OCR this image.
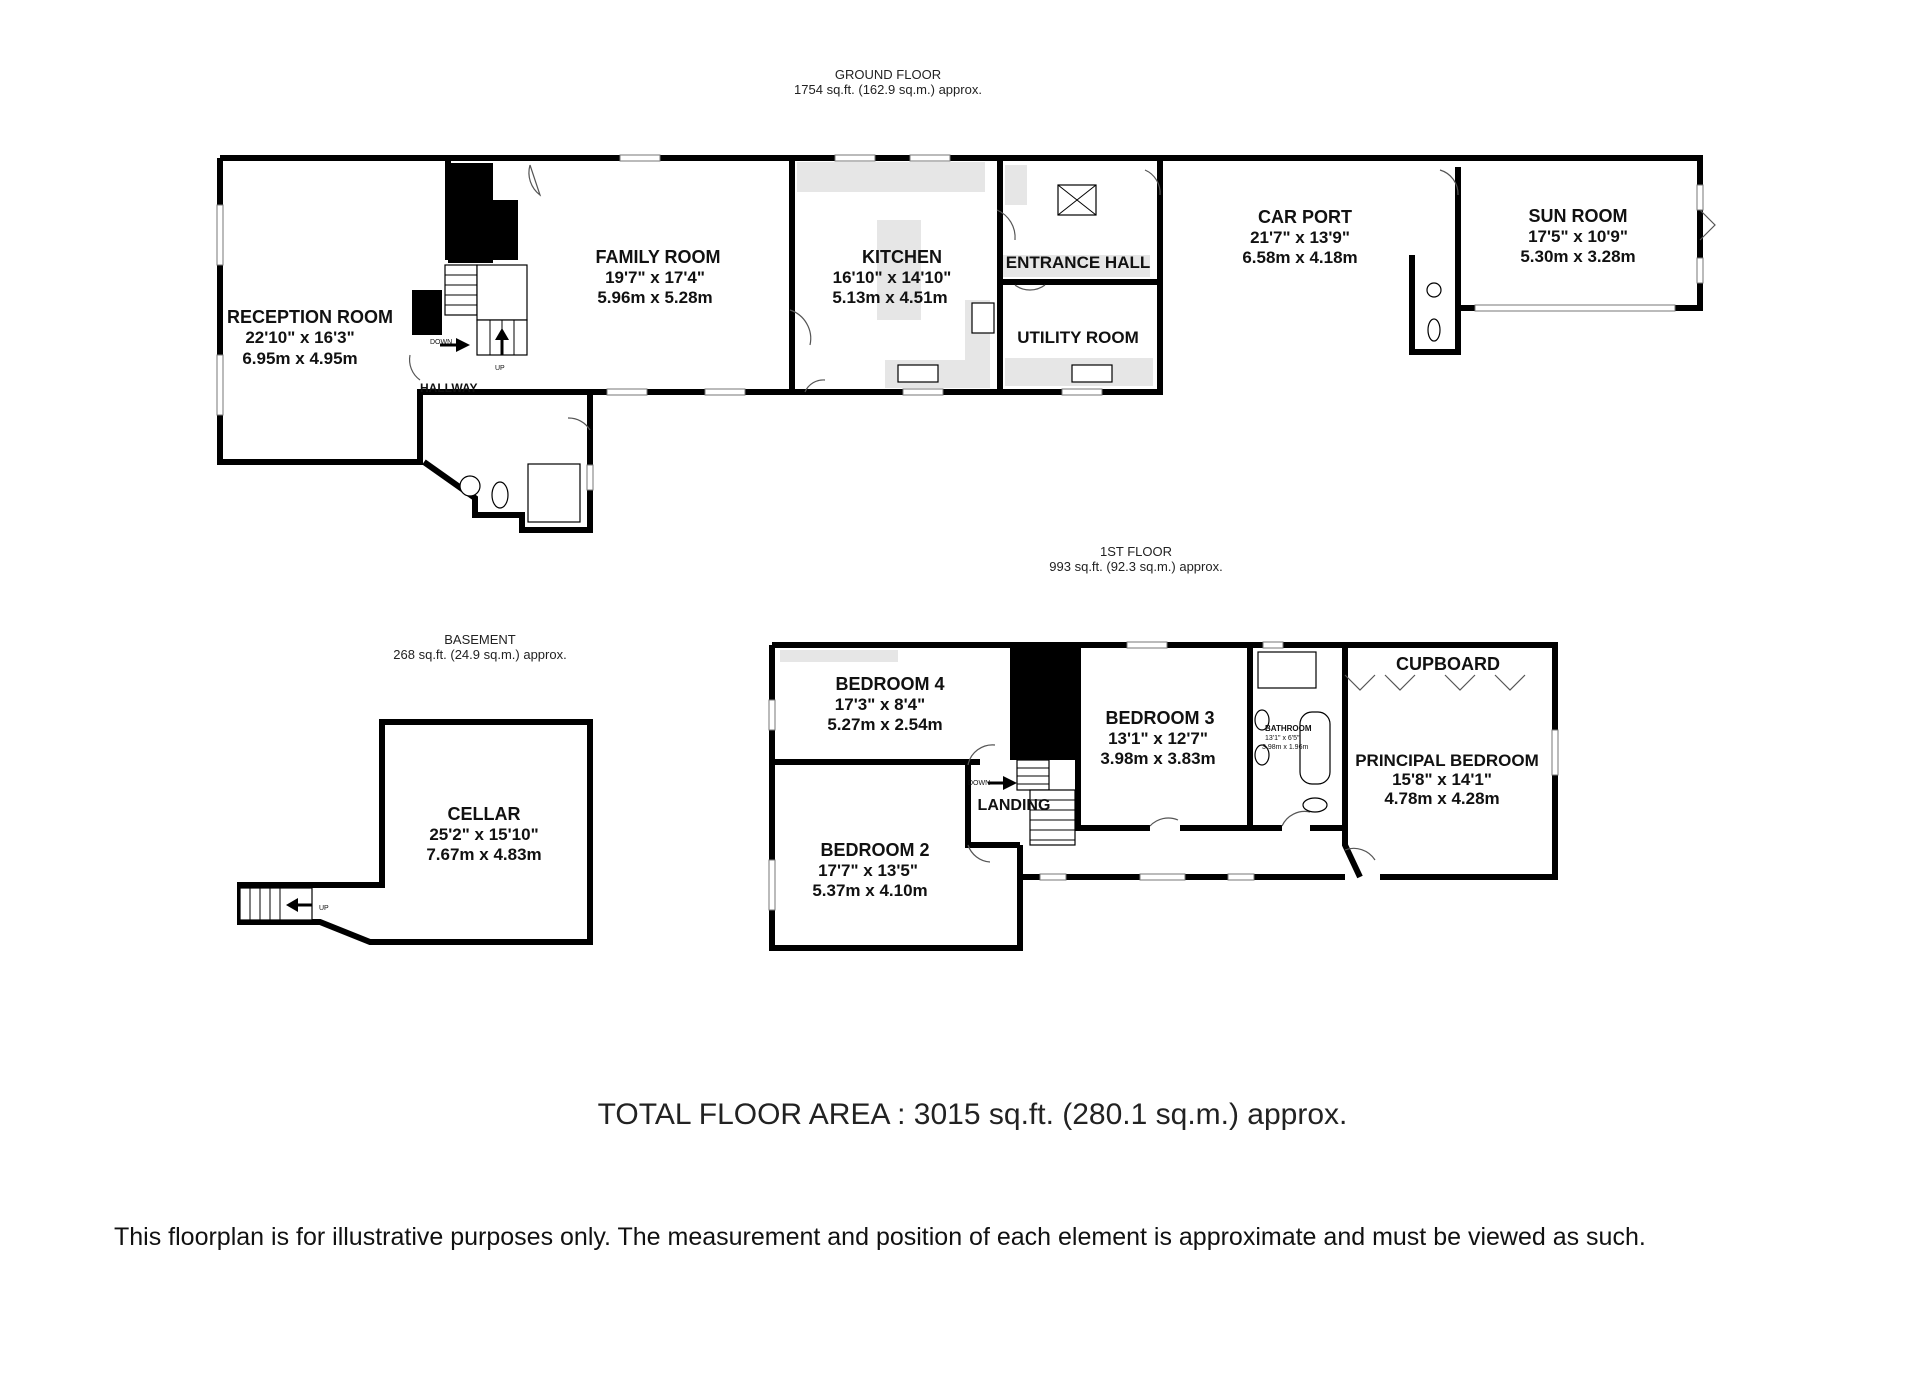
GROUND FLOOR
1754 sq.ft. (162.9 sq.m.) approx.
1ST FLOOR
993 sq.ft. (92.3 sq.m.) approx.
BASEMENT
268 sq.ft. (24.9 sq.m.) approx.
DOWN
UP
RECEPTION ROOM
22'10" x 16'3"
6.95m x 4.95m
FAMILY ROOM
19'7" x 17'4"
5.96m x 5.28m
KITCHEN
16'10" x 14'10"
5.13m x 4.51m
ENTRANCE HALL
UTILITY ROOM
CAR PORT
21'7" x 13'9"
6.58m x 4.18m
SUN ROOM
17'5" x 10'9"
5.30m x 3.28m
HALLWAY
UP
CELLAR
25'2" x 15'10"
7.67m x 4.83m
DOWN
BEDROOM 4
17'3" x 8'4"
5.27m x 2.54m	BEDROOM 3
13'1" x 12'7"
3.98m x 3.83m
BEDROOM 2
17'7" x 13'5"
5.37m x 4.10m
LANDING
BATHROOM
13'1" x 6'5"
3.98m x 1.96m
CUPBOARD
PRINCIPAL BEDROOM
15'8" x 14'1"
4.78m x 4.28m
TOTAL FLOOR AREA : 3015 sq.ft. (280.1 sq.m.) approx.
This floorplan is for illustrative purposes only. The measurement and position of each element is approximate and must be viewed as such.
